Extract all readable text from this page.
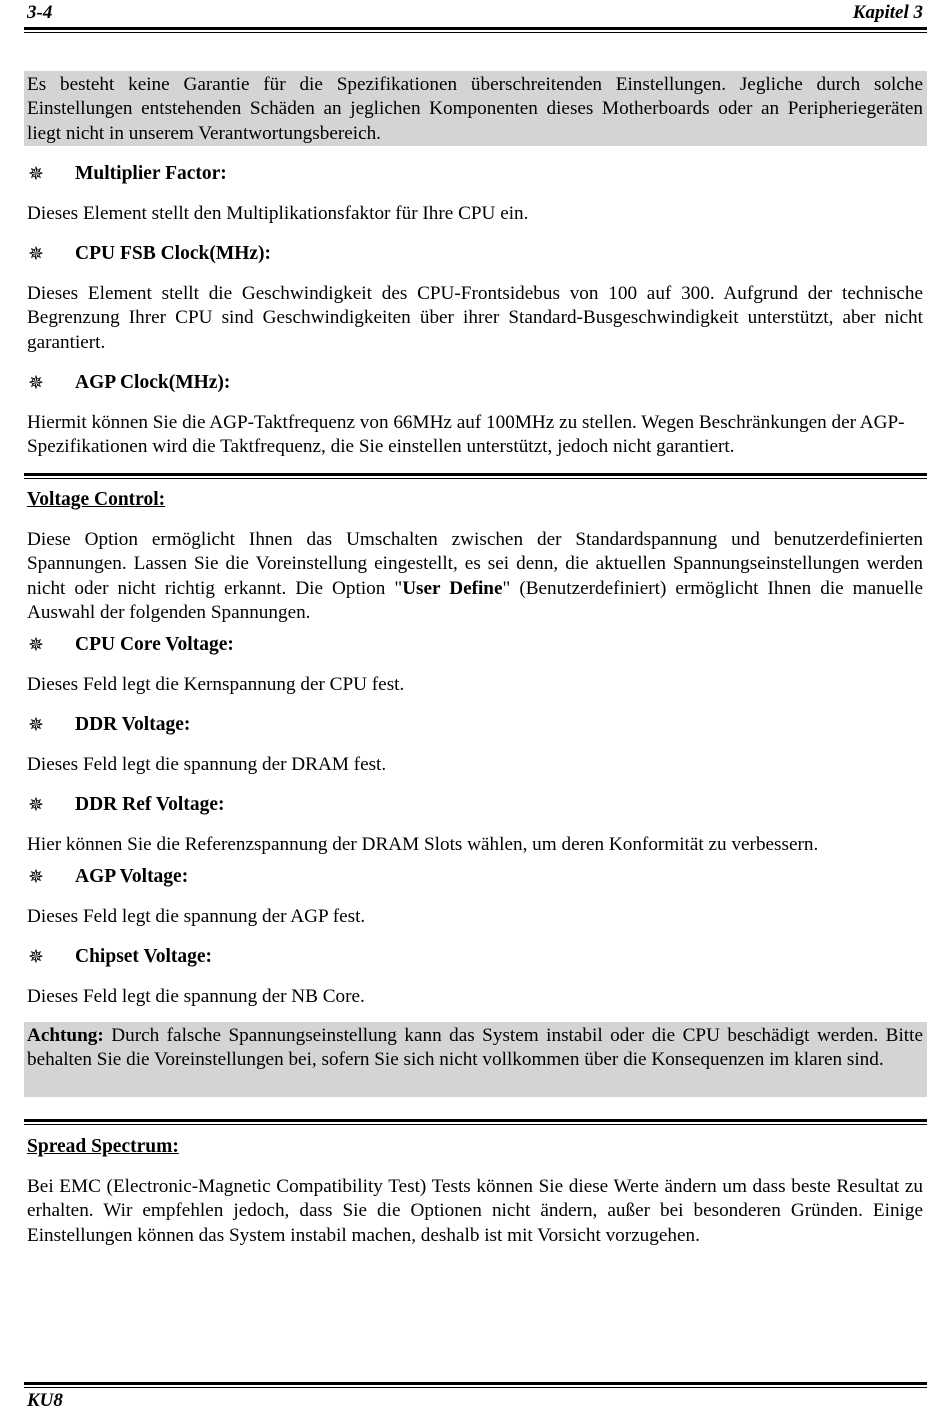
3-4	Kapitel 3
Es besteht keine Garantie für die Spezifikationen überschreitenden Einstellungen. Jegliche durch solche Einstellungen entstehenden Schäden an jeglichen Komponenten dieses Motherboards oder an Peripheriegeräten liegt nicht in unserem Verantwortungsbereich.
✵ Multiplier Factor:
Dieses Element stellt den Multiplikationsfaktor für Ihre CPU ein.
✵ CPU FSB Clock(MHz):
Dieses Element stellt die Geschwindigkeit des CPU-Frontsidebus von 100 auf 300. Aufgrund der technische Begrenzung Ihrer CPU sind Geschwindigkeiten über ihrer Standard-Busgeschwindigkeit unterstützt, aber nicht garantiert.
✵ AGP Clock(MHz):
Hiermit können Sie die AGP-Taktfrequenz von 66MHz auf 100MHz zu stellen. Wegen Beschränkungen der AGP-Spezifikationen wird die Taktfrequenz, die Sie einstellen unterstützt, jedoch nicht garantiert.
Voltage Control:
Diese Option ermöglicht Ihnen das Umschalten zwischen der Standardspannung und benutzerdefinierten Spannungen. Lassen Sie die Voreinstellung eingestellt, es sei denn, die aktuellen Spannungseinstellungen werden nicht oder nicht richtig erkannt. Die Option "User Define" (Benutzerdefiniert) ermöglicht Ihnen die manuelle Auswahl der folgenden Spannungen.
✵ CPU Core Voltage:
Dieses Feld legt die Kernspannung der CPU fest.
✵ DDR Voltage:
Dieses Feld legt die spannung der DRAM fest.
✵ DDR Ref Voltage:
Hier können Sie die Referenzspannung der DRAM Slots wählen, um deren Konformität zu verbessern.
✵ AGP Voltage:
Dieses Feld legt die spannung der AGP fest.
✵ Chipset Voltage:
Dieses Feld legt die spannung der NB Core.
Achtung: Durch falsche Spannungseinstellung kann das System instabil oder die CPU beschädigt werden. Bitte behalten Sie die Voreinstellungen bei, sofern Sie sich nicht vollkommen über die Konsequenzen im klaren sind.
Spread Spectrum:
Bei EMC (Electronic-Magnetic Compatibility Test) Tests können Sie diese Werte ändern um dass beste Resultat zu erhalten. Wir empfehlen jedoch, dass Sie die Optionen nicht ändern, außer bei besonderen Gründen. Einige Einstellungen können das System instabil machen, deshalb ist mit Vorsicht vorzugehen.
KU8
